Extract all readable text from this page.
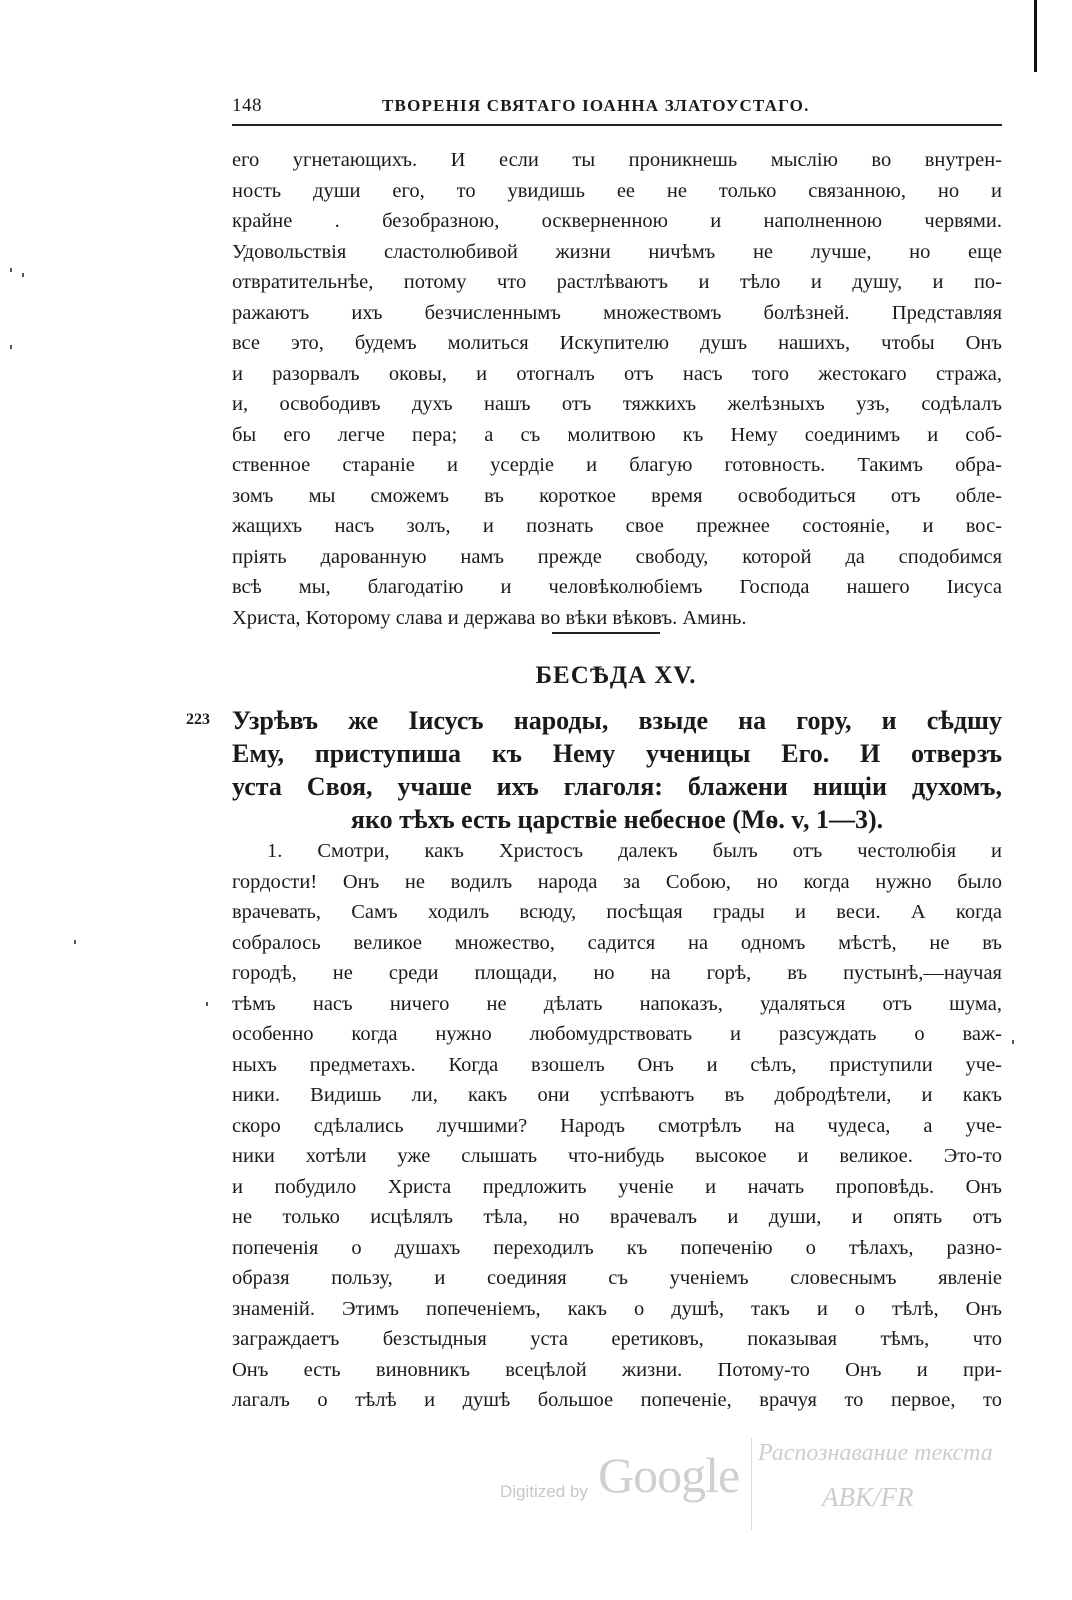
148	ТВОРЕНІЯ СВЯТАГО ІОАННА ЗЛАТОУСТАГО.
его угнетающихъ. И если ты проникнешь мыслію во внутрен-
ность души его, то увидишь ее не только связанною, но и
крайне . безобразною, оскверненною и наполненною червями.
Удовольствія сластолюбивой жизни ничѣмъ не лучше, но еще
отвратительнѣе, потому что растлѣваютъ и тѣло и душу, и по-
ражаютъ ихъ безчисленнымъ множествомъ болѣзней. Представляя
все это, будемъ молиться Искупителю душъ нашихъ, чтобы Онъ
и разорвалъ оковы, и отогналъ отъ насъ того жестокаго стража,
и, освободивъ духъ нашъ отъ тяжкихъ желѣзныхъ узъ, содѣлалъ
бы его легче пера; а съ молитвою къ Нему соединимъ и соб-
ственное стараніе и усердіе и благую готовность. Такимъ обра-
зомъ мы сможемъ въ короткое время освободиться отъ обле-
жащихъ насъ золъ, и познать свое прежнее состояніе, и вос-
пріять дарованную намъ прежде свободу, которой да сподобимся
всѣ мы, благодатію и человѣколюбіемъ Господа нашего Іисуса
Христа, Которому слава и держава во вѣки вѣковъ. Аминь.
БЕСѢДА XV.
223 Узрѣвъ же Іисусъ народы, взыде на гору, и сѣдшу
Ему, приступиша къ Нему ученицы Его. И отверзъ
уста Своя, учаше ихъ глаголя: блажени нищіи духомъ,
яко тѣхъ есть царствіе небесное (Мѳ. v, 1—3).
1. Смотри, какъ Христосъ далекъ былъ отъ честолюбія и
гордости! Онъ не водилъ народа за Собою, но когда нужно было
врачевать, Самъ ходилъ всюду, посѣщая грады и веси. А когда
собралось великое множество, садится на одномъ мѣстѣ, не въ
городѣ, не среди площади, но на горѣ, въ пустынѣ,—научая
тѣмъ насъ ничего не дѣлать напоказъ, удаляться отъ шума,
особенно когда нужно любомудрствовать и разсуждать о важ-
ныхъ предметахъ. Когда взошелъ Онъ и сѣлъ, приступили уче-
ники. Видишь ли, какъ они успѣваютъ въ добродѣтели, и какъ
скоро сдѣлались лучшими? Народъ смотрѣлъ на чудеса, а уче-
ники хотѣли уже слышать что-нибудь высокое и великое. Это-то
и побудило Христа предложить ученіе и начать проповѣдь. Онъ
не только исцѣлялъ тѣла, но врачевалъ и души, и опять отъ
попеченія о душахъ переходилъ къ попеченію о тѣлахъ, разно-
образя пользу, и соединяя съ ученіемъ словеснымъ явленіе
знаменій. Этимъ попеченіемъ, какъ о душѣ, такъ и о тѣлѣ, Онъ
заграждаетъ безстыдныя уста еретиковъ, показывая тѣмъ, что
Онъ есть виновникъ всецѣлой жизни. Потому-то Онъ и при-
лагалъ о тѣлѣ и душѣ большое попеченіе, врачуя то первое, то
Digitized by Google Распознавание текста
ABK/FR
